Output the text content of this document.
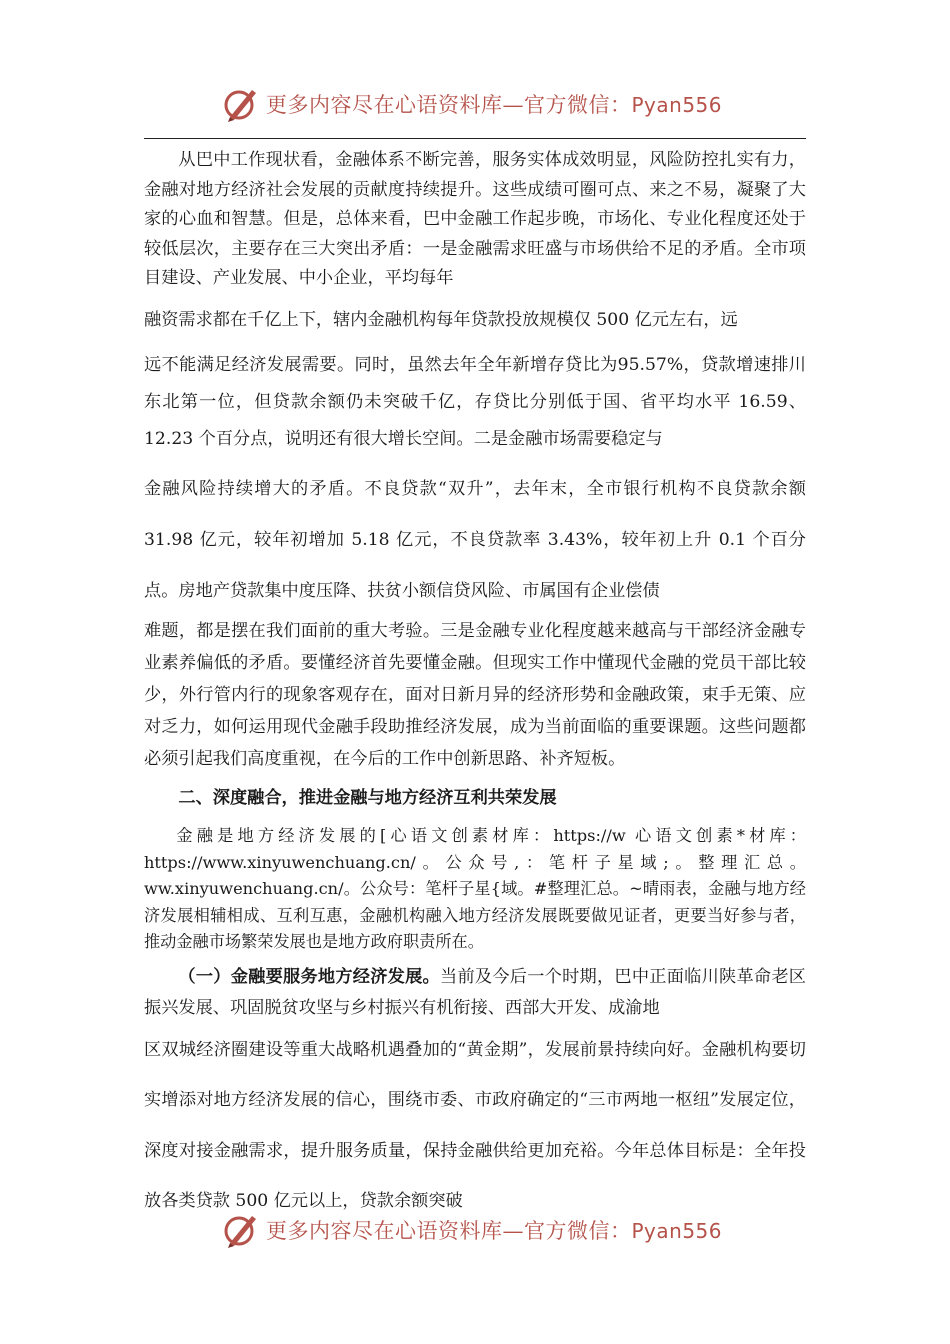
更多内容尽在心语资料库—官方微信：Pyan556

从巴中工作现状看，金融体系不断完善，服务实体成效明显，风险防控扎实有力，金融对地方经济社会发展的贡献度持续提升。这些成绩可圈可点、来之不易，凝聚了大家的心血和智慧。但是，总体来看，巴中金融工作起步晚，市场化、专业化程度还处于较低层次，主要存在三大突出矛盾：一是金融需求旺盛与市场供给不足的矛盾。全市项目建设、产业发展、中小企业，平均每年

融资需求都在千亿上下，辖内金融机构每年贷款投放规模仅 500 亿元左右，远

远不能满足经济发展需要。同时，虽然去年全年新增存贷比为95.57%，贷款增速排川东北第一位，但贷款余额仍未突破千亿，存贷比分别低于国、省平均水平 16.59、12.23 个百分点，说明还有很大增长空间。二是金融市场需要稳定与

金融风险持续增大的矛盾。不良贷款“双升”，去年末，全市银行机构不良贷款余额 31.98 亿元，较年初增加 5.18 亿元，不良贷款率 3.43%，较年初上升 0.1 个百分点。房地产贷款集中度压降、扶贫小额信贷风险、市属国有企业偿债

难题，都是摆在我们面前的重大考验。三是金融专业化程度越来越高与干部经济金融专业素养偏低的矛盾。要懂经济首先要懂金融。但现实工作中懂现代金融的党员干部比较少，外行管内行的现象客观存在，面对日新月异的经济形势和金融政策，束手无策、应对乏力，如何运用现代金融手段助推经济发展，成为当前面临的重要课题。这些问题都必须引起我们高度重视，在今后的工作中创新思路、补齐短板。

二、深度融合，推进金融与地方经济互利共荣发展

金融是地方经济发展的[心语文创素材库：https://w 心语文创素*材库：https://www.xinyuwenchuang.cn/。公众号,：笔杆子星域;。整理汇总。ww.xinyuwenchuang.cn/。公众号：笔杆子星{域。#整理汇总。~晴雨表，金融与地方经济发展相辅相成、互利互惠，金融机构融入地方经济发展既要做见证者，更要当好参与者，推动金融市场繁荣发展也是地方政府职责所在。

（一）金融要服务地方经济发展。当前及今后一个时期，巴中正面临川陕革命老区振兴发展、巩固脱贫攻坚与乡村振兴有机衔接、西部大开发、成渝地

区双城经济圈建设等重大战略机遇叠加的“黄金期”，发展前景持续向好。金融机构要切实增添对地方经济发展的信心，围绕市委、市政府确定的“三市两地一枢纽”发展定位，深度对接金融需求，提升服务质量，保持金融供给更加充裕。今年总体目标是：全年投放各类贷款 500 亿元以上，贷款余额突破

更多内容尽在心语资料库—官方微信：Pyan556
